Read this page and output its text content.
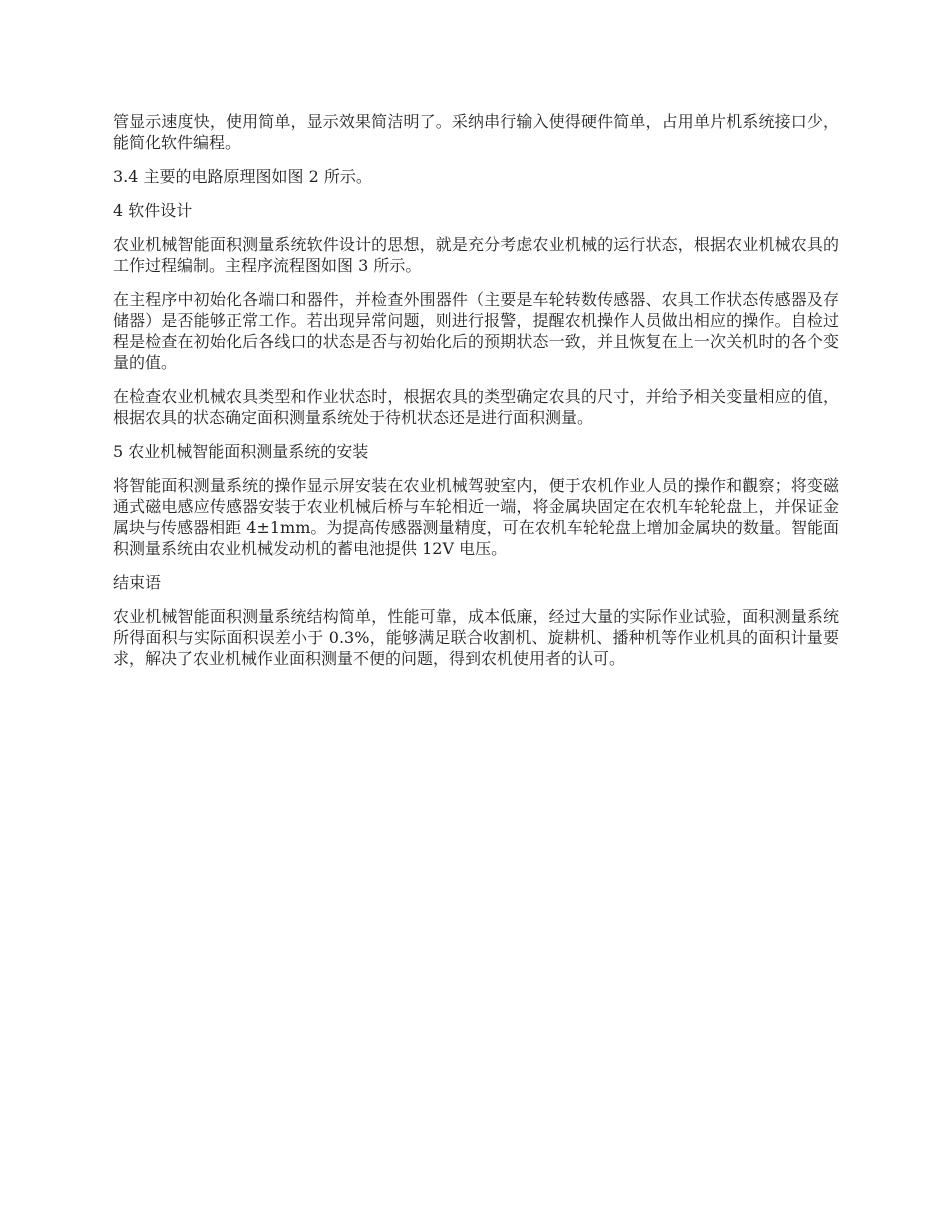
管显示速度快，使用简单，显示效果简洁明了。采纳串行输入使得硬件简单，占用单片机系统接口少，能简化软件编程。

3.4 主要的电路原理图如图 2 所示。

4 软件设计

农业机械智能面积测量系统软件设计的思想，就是充分考虑农业机械的运行状态，根据农业机械农具的工作过程编制。主程序流程图如图 3 所示。

在主程序中初始化各端口和器件，并检查外围器件（主要是车轮转数传感器、农具工作状态传感器及存储器）是否能够正常工作。若出现异常问题，则进行报警，提醒农机操作人员做出相应的操作。自检过程是检查在初始化后各线口的状态是否与初始化后的预期状态一致，并且恢复在上一次关机时的各个变量的值。

在检查农业机械农具类型和作业状态时，根据农具的类型确定农具的尺寸，并给予相关变量相应的值，根据农具的状态确定面积测量系统处于待机状态还是进行面积测量。

5 农业机械智能面积测量系统的安装

将智能面积测量系统的操作显示屏安装在农业机械驾驶室内，便于农机作业人员的操作和觀察；将变磁通式磁电感应传感器安装于农业机械后桥与车轮相近一端，将金属块固定在农机车轮轮盘上，并保证金属块与传感器相距 4±1mm。为提高传感器测量精度，可在农机车轮轮盘上增加金属块的数量。智能面积测量系统由农业机械发动机的蓄电池提供 12V 电压。

结束语

农业机械智能面积测量系统结构简单，性能可靠，成本低廉，经过大量的实际作业试验，面积测量系统所得面积与实际面积误差小于 0.3%，能够满足联合收割机、旋耕机、播种机等作业机具的面积计量要求，解决了农业机械作业面积测量不便的问题，得到农机使用者的认可。
